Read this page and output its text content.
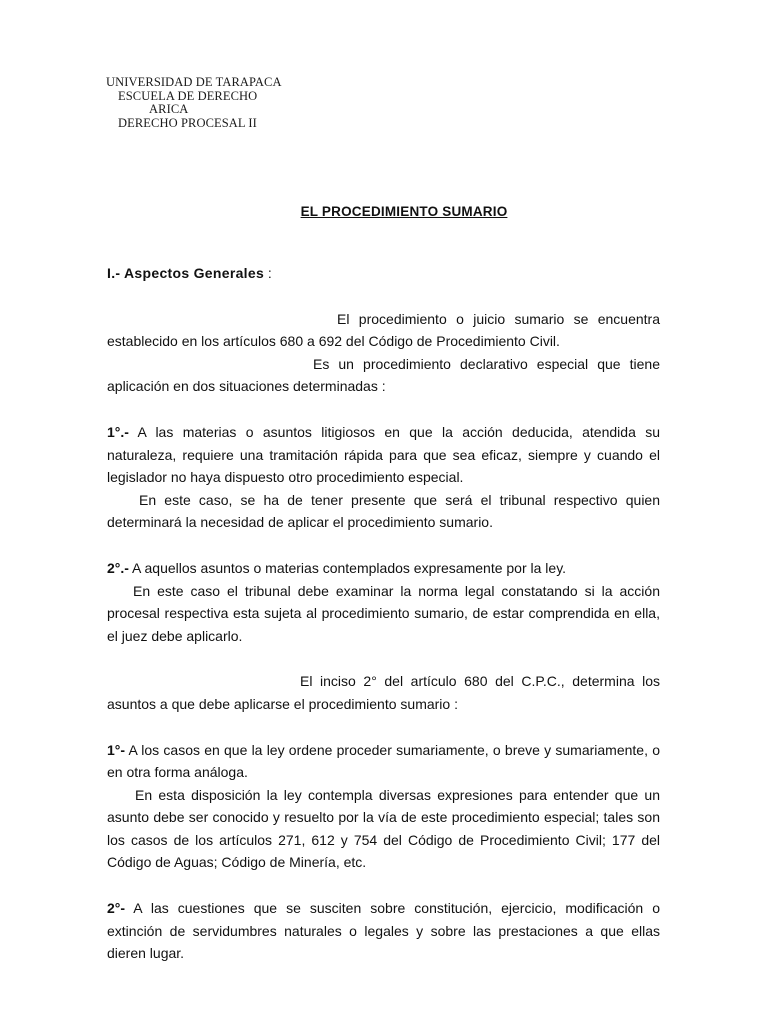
UNIVERSIDAD DE TARAPACA
ESCUELA DE DERECHO
ARICA
DERECHO PROCESAL II
EL PROCEDIMIENTO SUMARIO

I.- Aspectos Generales :

El procedimiento o juicio sumario se encuentra establecido en los artículos 680 a 692 del Código de Procedimiento Civil.

Es un procedimiento declarativo especial que tiene aplicación en dos situaciones determinadas :

1°.- A las materias o asuntos litigiosos en que la acción deducida, atendida su naturaleza, requiere una tramitación rápida para que sea eficaz, siempre y cuando el legislador no haya dispuesto otro procedimiento especial.

En este caso, se ha de tener presente que será el tribunal respectivo quien determinará la necesidad de aplicar el procedimiento sumario.

2°.- A aquellos asuntos o materias contemplados expresamente por la ley.

En este caso el tribunal debe examinar la norma legal constatando si la acción procesal respectiva esta sujeta al procedimiento sumario, de estar comprendida en ella, el juez debe aplicarlo.

El inciso 2° del artículo 680 del C.P.C., determina los asuntos a que debe aplicarse el procedimiento sumario :

1°- A los casos en que la ley ordene proceder sumariamente, o breve y sumariamente, o en otra forma análoga.

En esta disposición la ley contempla diversas expresiones para entender que un asunto debe ser conocido y resuelto por la vía de este procedimiento especial; tales son los casos de los artículos 271, 612 y 754 del Código de Procedimiento Civil; 177 del Código de Aguas; Código de Minería, etc.

2°- A las cuestiones que se susciten sobre constitución, ejercicio, modificación o extinción de servidumbres naturales o legales y sobre las prestaciones a que ellas dieren lugar.
